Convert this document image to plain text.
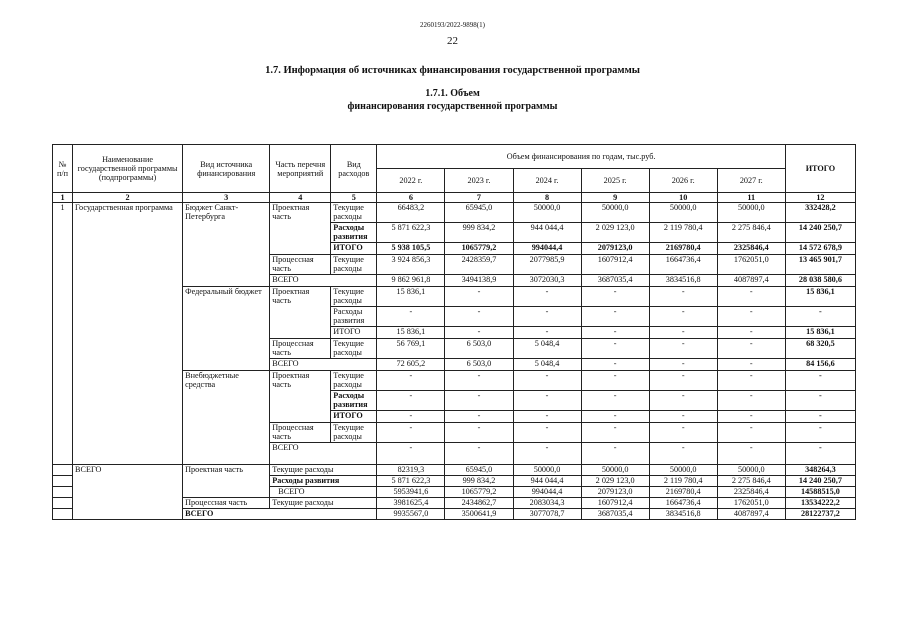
2260193/2022-9898(1)
22
1.7. Информация об источниках финансирования государственной программы
1.7.1. Объем
финансирования государственной программы
№ п/п	Наименование государственной программы (подпрограммы)	Вид источника финансирования	Часть перечня мероприятий	Вид расходов	Объем финансирования по годам, тыс.руб.						ИТОГО
					2022 г.	2023 г.	2024 г.	2025 г.	2026 г.	2027 г.	
1	2	3	4	5	6	7	8	9	10	11	12
1	Государственная программа	Бюджет Санкт-Петербурга	Проектная часть	Текущие расходы	66483,2	65945,0	50000,0	50000,0	50000,0	50000,0	332428,2
				Расходы развития	5 871 622,3	999 834,2	944 044,4	2 029 123,0	2 119 780,4	2 275 846,4	14 240 250,7
				ИТОГО	5 938 105,5	1065779,2	994044,4	2079123,0	2169780,4	2325846,4	14 572 678,9
			Процессная часть	Текущие расходы	3 924 856,3	2428359,7	2077985,9	1607912,4	1664736,4	1762051,0	13 465 901,7
			ВСЕГО		9 862 961,8	3494138,9	3072030,3	3687035,4	3834516,8	4087897,4	28 038 580,6
		Федеральный бюджет	Проектная часть	Текущие расходы	15 836,1	-	-	-	-	-	15 836,1
				Расходы развития	-	-	-	-	-	-	-
				ИТОГО	15 836,1	-	-	-	-	-	15 836,1
			Процессная часть	Текущие расходы	56 769,1	6 503,0	5 048,4	-	-	-	68 320,5
			ВСЕГО		72 605,2	6 503,0	5 048,4	-	-	-	84 156,6
		Внебюджетные средства	Проектная часть	Текущие расходы	-	-	-	-	-	-	-
				Расходы развития	-	-	-	-	-	-	-
				ИТОГО	-	-	-	-	-	-	-
			Процессная часть	Текущие расходы	-	-	-	-	-	-	-
			ВСЕГО		-	-	-	-	-	-	-
	ВСЕГО	Проектная часть	Текущие расходы		82319,3	65945,0	50000,0	50000,0	50000,0	50000,0	348264,3
			Расходы развития		5 871 622,3	999 834,2	944 044,4	2 029 123,0	2 119 780,4	2 275 846,4	14 240 250,7
			ВСЕГО		5953941,6	1065779,2	994044,4	2079123,0	2169780,4	2325846,4	14588515,0
		Процессная часть	Текущие расходы		3981625,4	2434862,7	2083034,3	1607912,4	1664736,4	1762051,0	13534222,2
		ВСЕГО			9935567,0	3500641,9	3077078,7	3687035,4	3834516,8	4087897,4	28122737,2
